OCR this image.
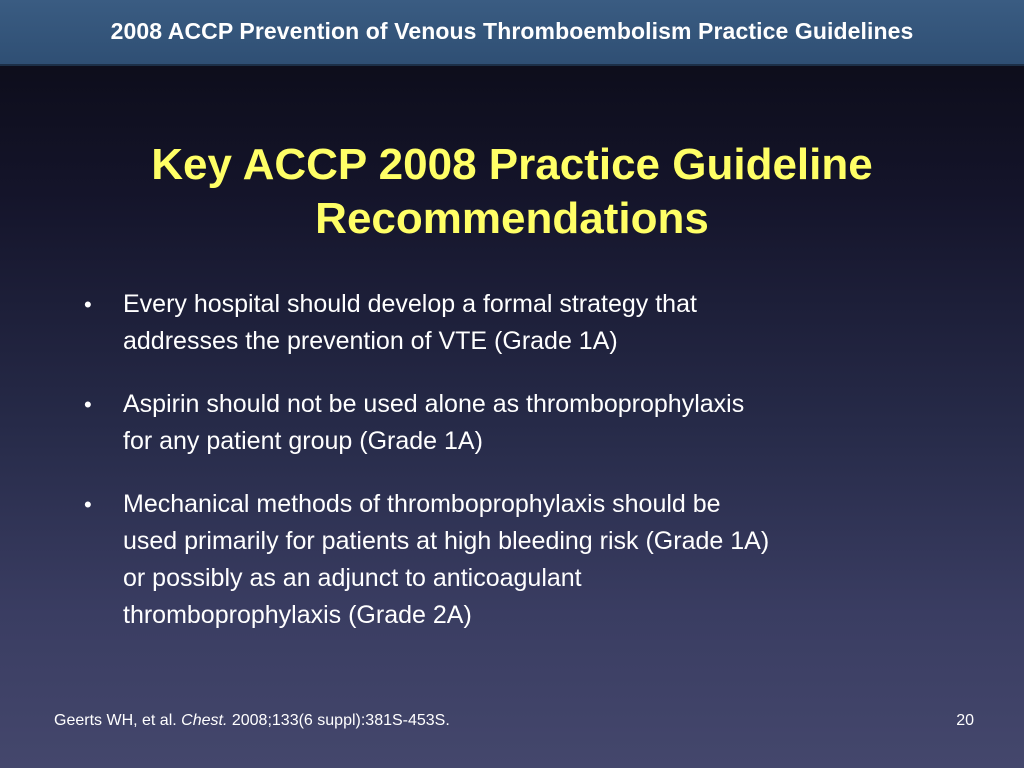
2008 ACCP Prevention of Venous Thromboembolism Practice Guidelines
Key ACCP 2008 Practice Guideline
Recommendations
•	Every hospital should develop a formal strategy that
addresses the prevention of VTE (Grade 1A)
•	Aspirin should not be used alone as thromboprophylaxis
for any patient group (Grade 1A)
•	Mechanical methods of thromboprophylaxis should be
used primarily for patients at high bleeding risk (Grade 1A)
or possibly as an adjunct to anticoagulant
thromboprophylaxis (Grade 2A)
Geerts WH, et al. Chest. 2008;133(6 suppl):381S-453S.	20
